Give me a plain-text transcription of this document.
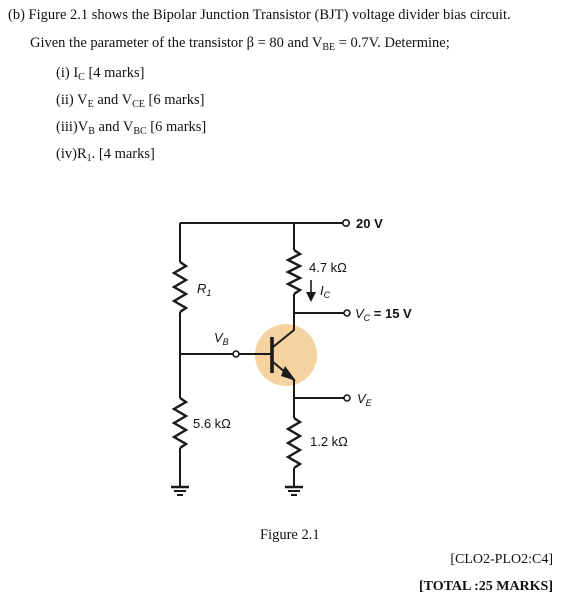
(b) Figure 2.1 shows the Bipolar Junction Transistor (BJT) voltage divider bias circuit.
Given the parameter of the transistor β = 80 and $V_{BE} = 0.7V$. Determine;
(i) $I_C$ [4 marks]
(ii) $V_E$ and $V_{CE}$ [6 marks]
$(iii)V_B$ and $V_{BC}$ [6 marks]
$(iv)R_1$. [4 marks]
20 V
4.7 kΩ
$I_C$
$V_C = 15$ V
$R_1$
$V_B$
$V_E$
5.6 kΩ
1.2 kΩ
Figure 2.1
[CLO2-PLO2:C4]
[TOTAL :25 MARKS]
